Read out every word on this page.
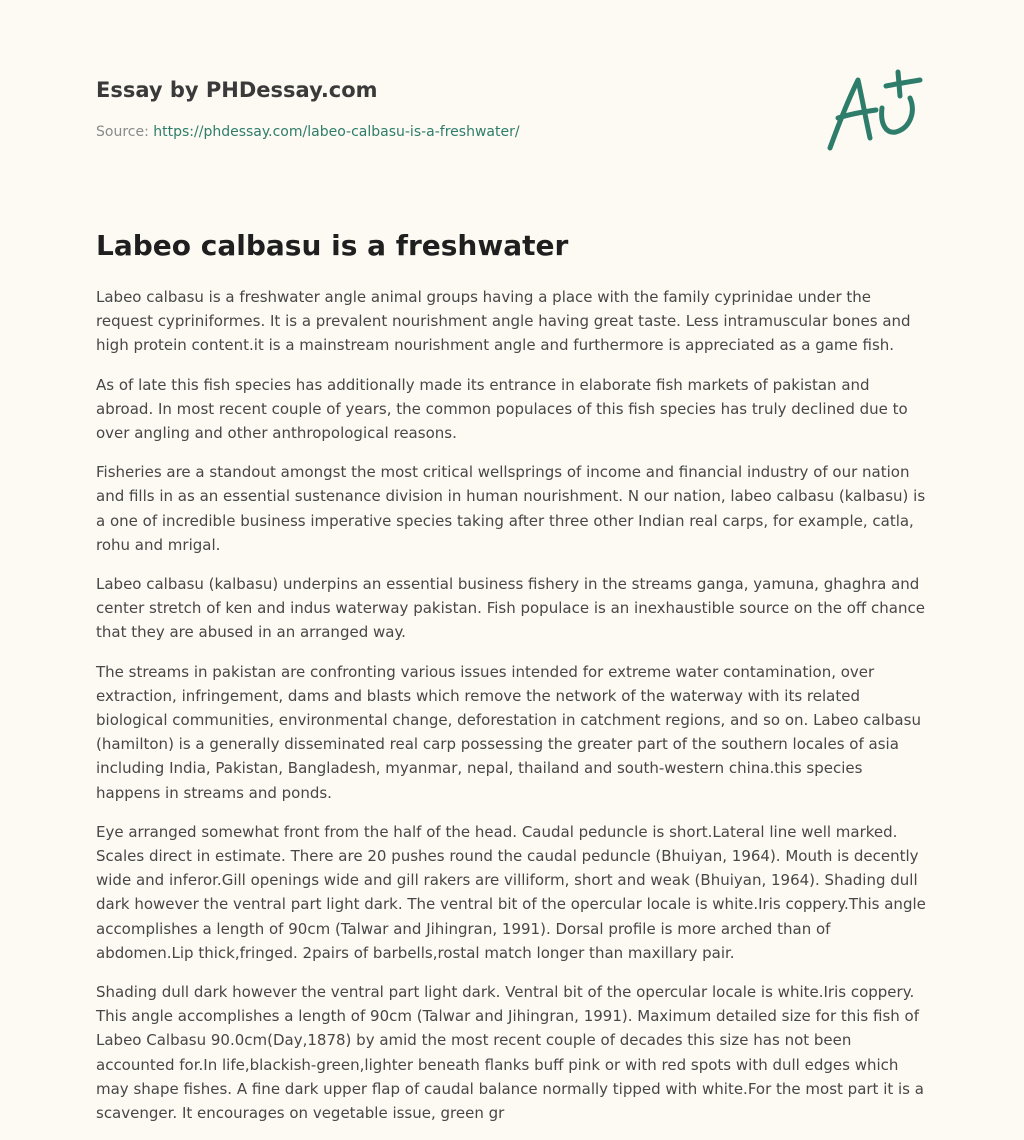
Essay by PHDessay.com
Source: https://phdessay.com/labeo-calbasu-is-a-freshwater/
Labeo calbasu is a freshwater

Labeo calbasu is a freshwater angle animal groups having a place with the family cyprinidae under the request cypriniformes. It is a prevalent nourishment angle having great taste. Less intramuscular bones and high protein content.it is a mainstream nourishment angle and furthermore is appreciated as a game fish.

As of late this fish species has additionally made its entrance in elaborate fish markets of pakistan and abroad. In most recent couple of years, the common populaces of this fish species has truly declined due to over angling and other anthropological reasons.

Fisheries are a standout amongst the most critical wellsprings of income and financial industry of our nation and fills in as an essential sustenance division in human nourishment. N our nation, labeo calbasu (kalbasu) is a one of incredible business imperative species taking after three other Indian real carps, for example, catla, rohu and mrigal.

Labeo calbasu (kalbasu) underpins an essential business fishery in the streams ganga, yamuna, ghaghra and center stretch of ken and indus waterway pakistan. Fish populace is an inexhaustible source on the off chance that they are abused in an arranged way.

The streams in pakistan are confronting various issues intended for extreme water contamination, over extraction, infringement, dams and blasts which remove the network of the waterway with its related biological communities, environmental change, deforestation in catchment regions, and so on. Labeo calbasu (hamilton) is a generally disseminated real carp possessing the greater part of the southern locales of asia including India, Pakistan, Bangladesh, myanmar, nepal, thailand and south-western china.this species happens in streams and ponds.

Eye arranged somewhat front from the half of the head. Caudal peduncle is short.Lateral line well marked. Scales direct in estimate. There are 20 pushes round the caudal peduncle (Bhuiyan, 1964). Mouth is decently wide and inferor.Gill openings wide and gill rakers are villiform, short and weak (Bhuiyan, 1964). Shading dull dark however the ventral part light dark. The ventral bit of the opercular locale is white.Iris coppery.This angle accomplishes a length of 90cm (Talwar and Jihingran, 1991). Dorsal profile is more arched than of abdomen.Lip thick,fringed. 2pairs of barbells,rostal match longer than maxillary pair.

Shading dull dark however the ventral part light dark. Ventral bit of the opercular locale is white.Iris coppery. This angle accomplishes a length of 90cm (Talwar and Jihingran, 1991). Maximum detailed size for this fish of Labeo Calbasu 90.0cm(Day,1878) by amid the most recent couple of decades this size has not been accounted for.In life,blackish-green,lighter beneath flanks buff pink or with red spots with dull edges which may shape fishes. A fine dark upper flap of caudal balance normally tipped with white.For the most part it is a scavenger. It encourages on vegetable issue, green gr
